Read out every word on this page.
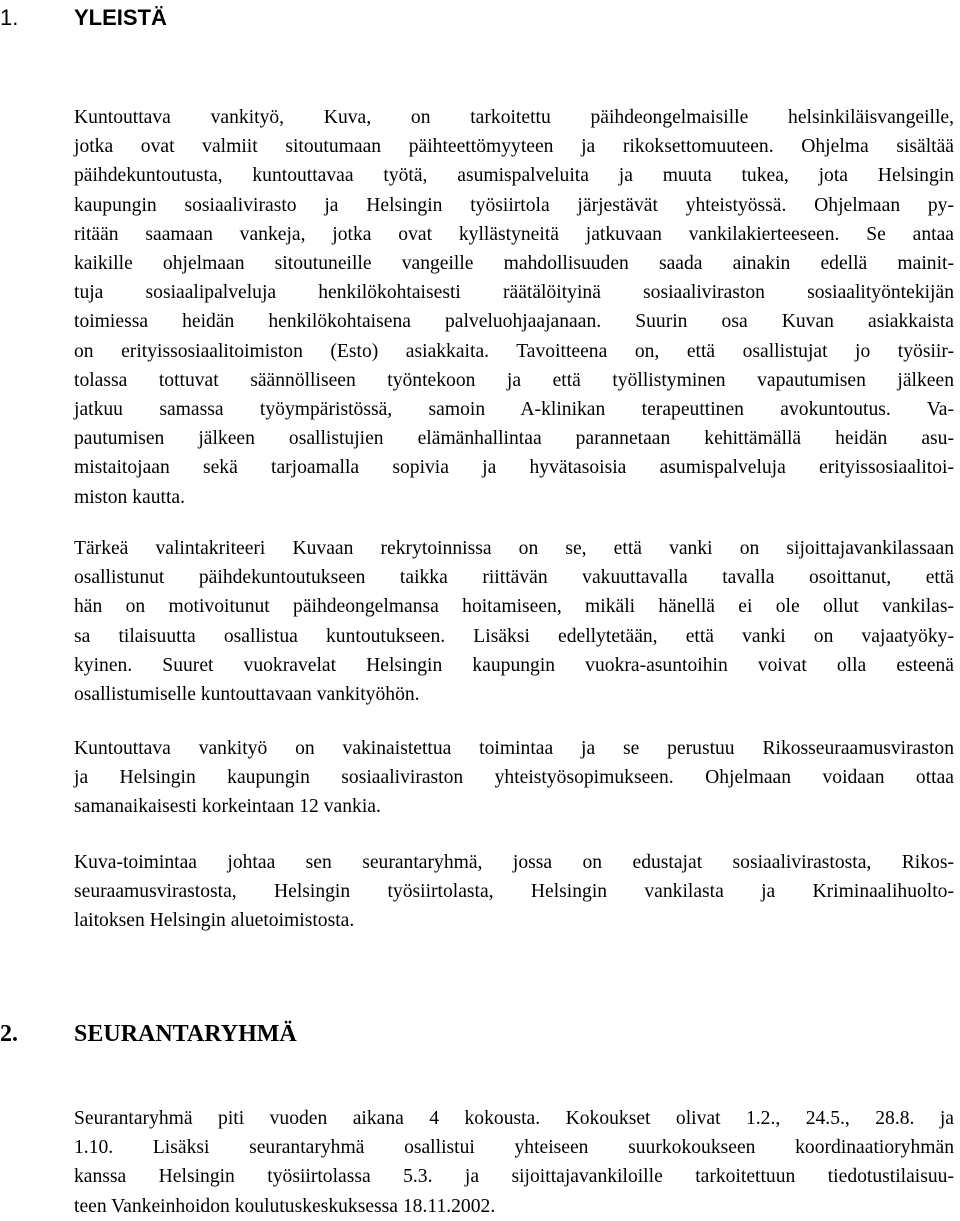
1.	YLEISTÄ

Kuntouttava vankityö, Kuva, on tarkoitettu päihdeongelmaisille helsinkiläisvangeille,
jotka ovat valmiit sitoutumaan päihteettömyyteen ja rikoksettomuuteen. Ohjelma sisältää
päihdekuntoutusta, kuntouttavaa työtä, asumispalveluita ja muuta tukea, jota Helsingin
kaupungin sosiaalivirasto ja Helsingin työsiirtola järjestävät yhteistyössä. Ohjelmaan py-
ritään saamaan vankeja, jotka ovat kyllästyneitä jatkuvaan vankilakierteeseen. Se antaa
kaikille ohjelmaan sitoutuneille vangeille mahdollisuuden saada ainakin edellä mainit-
tuja sosiaalipalveluja henkilökohtaisesti räätälöityinä sosiaaliviraston sosiaalityöntekijän
toimiessa heidän henkilökohtaisena palveluohjaajanaan. Suurin osa Kuvan asiakkaista
on erityissosiaalitoimiston (Esto) asiakkaita. Tavoitteena on, että osallistujat jo työsiir-
tolassa tottuvat säännölliseen työntekoon ja että työllistyminen vapautumisen jälkeen
jatkuu samassa työympäristössä, samoin A-klinikan terapeuttinen avokuntoutus. Va-
pautumisen jälkeen osallistujien elämänhallintaa parannetaan kehittämällä heidän asu-
mistaitojaan sekä tarjoamalla sopivia ja hyvätasoisia asumispalveluja erityissosiaalitoi-
miston kautta.

Tärkeä valintakriteeri Kuvaan rekrytoinnissa on se, että vanki on sijoittajavankilassaan
osallistunut päihdekuntoutukseen taikka riittävän vakuuttavalla tavalla osoittanut, että
hän on motivoitunut päihdeongelmansa hoitamiseen, mikäli hänellä ei ole ollut vankilas-
sa tilaisuutta osallistua kuntoutukseen. Lisäksi edellytetään, että vanki on vajaatyöky-
kyinen. Suuret vuokravelat Helsingin kaupungin vuokra-asuntoihin voivat olla esteenä
osallistumiselle kuntouttavaan vankityöhön.

Kuntouttava vankityö on vakinaistettua toimintaa ja se perustuu Rikosseuraamusviraston
ja Helsingin kaupungin sosiaaliviraston yhteistyösopimukseen. Ohjelmaan voidaan ottaa
samanaikaisesti korkeintaan 12 vankia.

Kuva-toimintaa johtaa sen seurantaryhmä, jossa on edustajat sosiaalivirastosta, Rikos-
seuraamusvirastosta, Helsingin työsiirtolasta, Helsingin vankilasta ja Kriminaalihuolto-
laitoksen Helsingin aluetoimistosta.

2. SEURANTARYHMÄ

Seurantaryhmä piti vuoden aikana 4 kokousta. Kokoukset olivat 1.2., 24.5., 28.8. ja
1.10. Lisäksi seurantaryhmä osallistui yhteiseen suurkokoukseen koordinaatioryhmän
kanssa Helsingin työsiirtolassa 5.3. ja sijoittajavankiloille tarkoitettuun tiedotustilaisuu-
teen Vankeinhoidon koulutuskeskuksessa 18.11.2002.
